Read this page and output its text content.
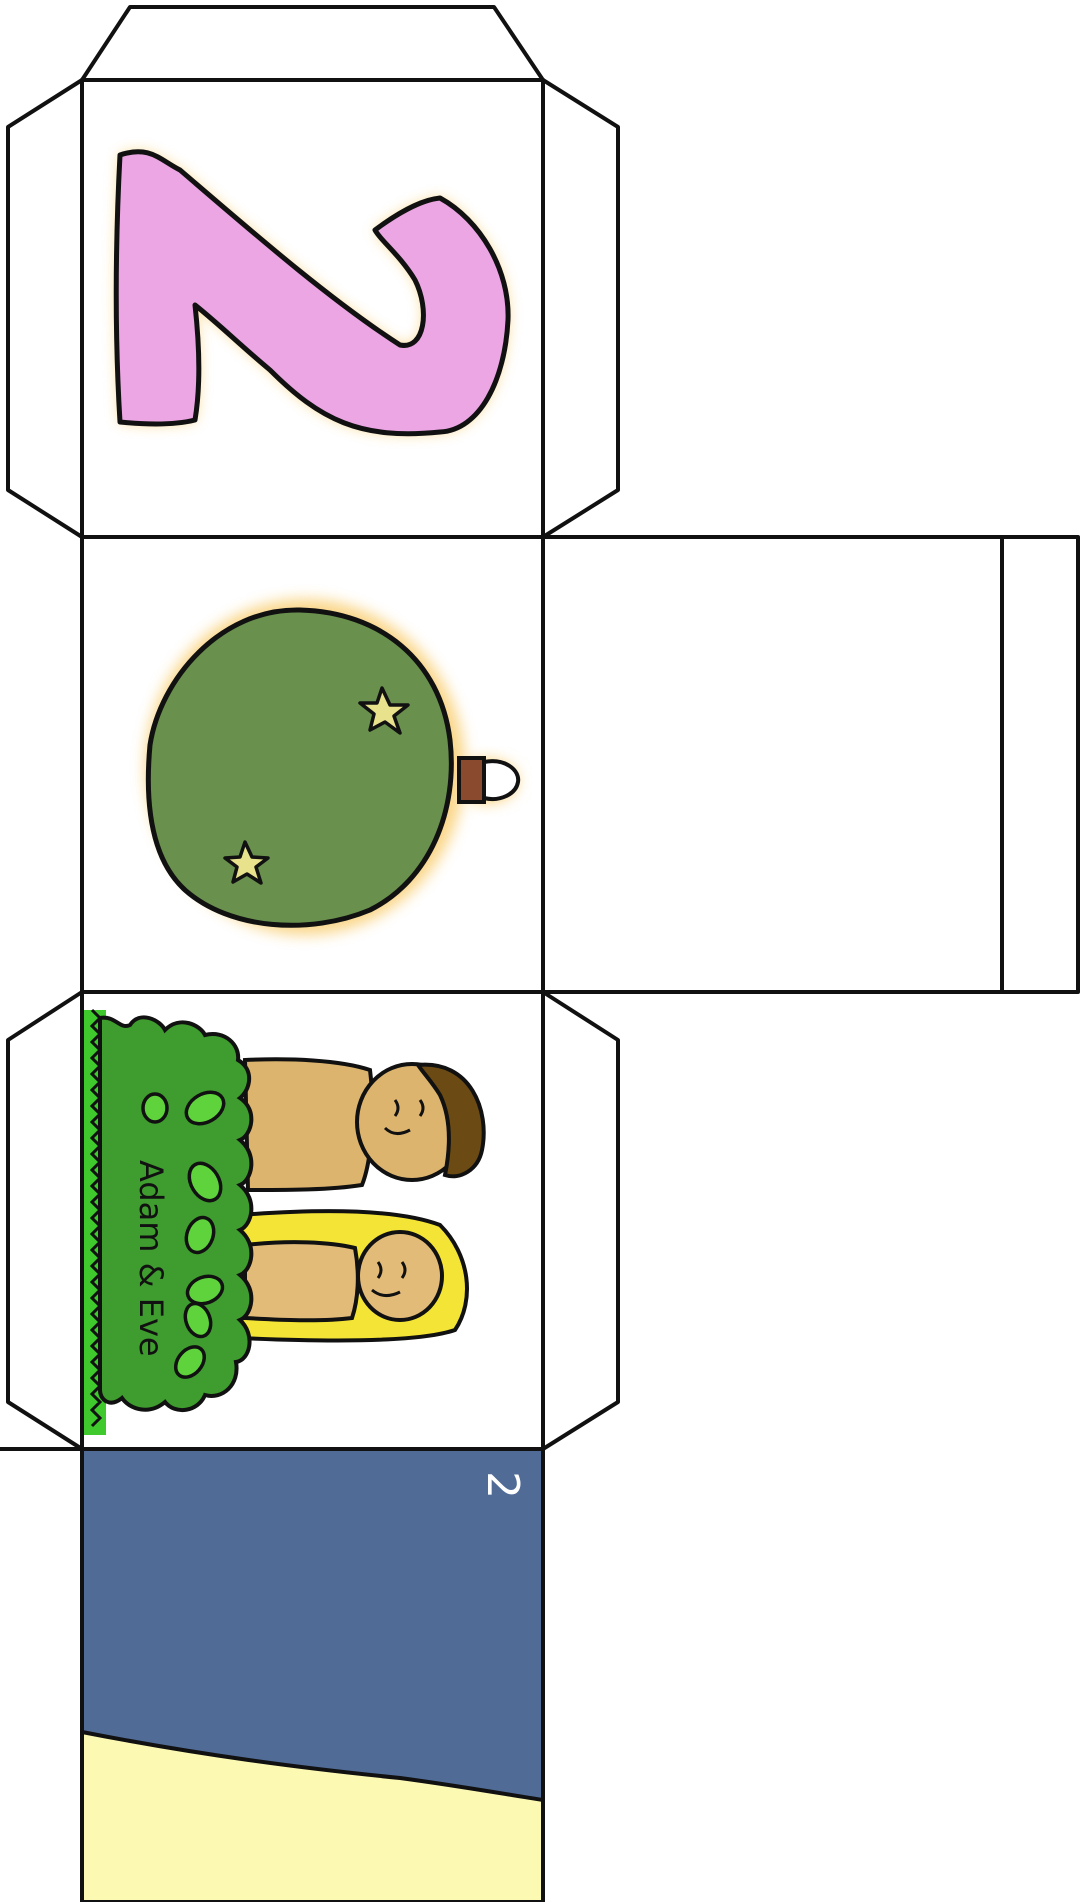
2
Adam & Eve
